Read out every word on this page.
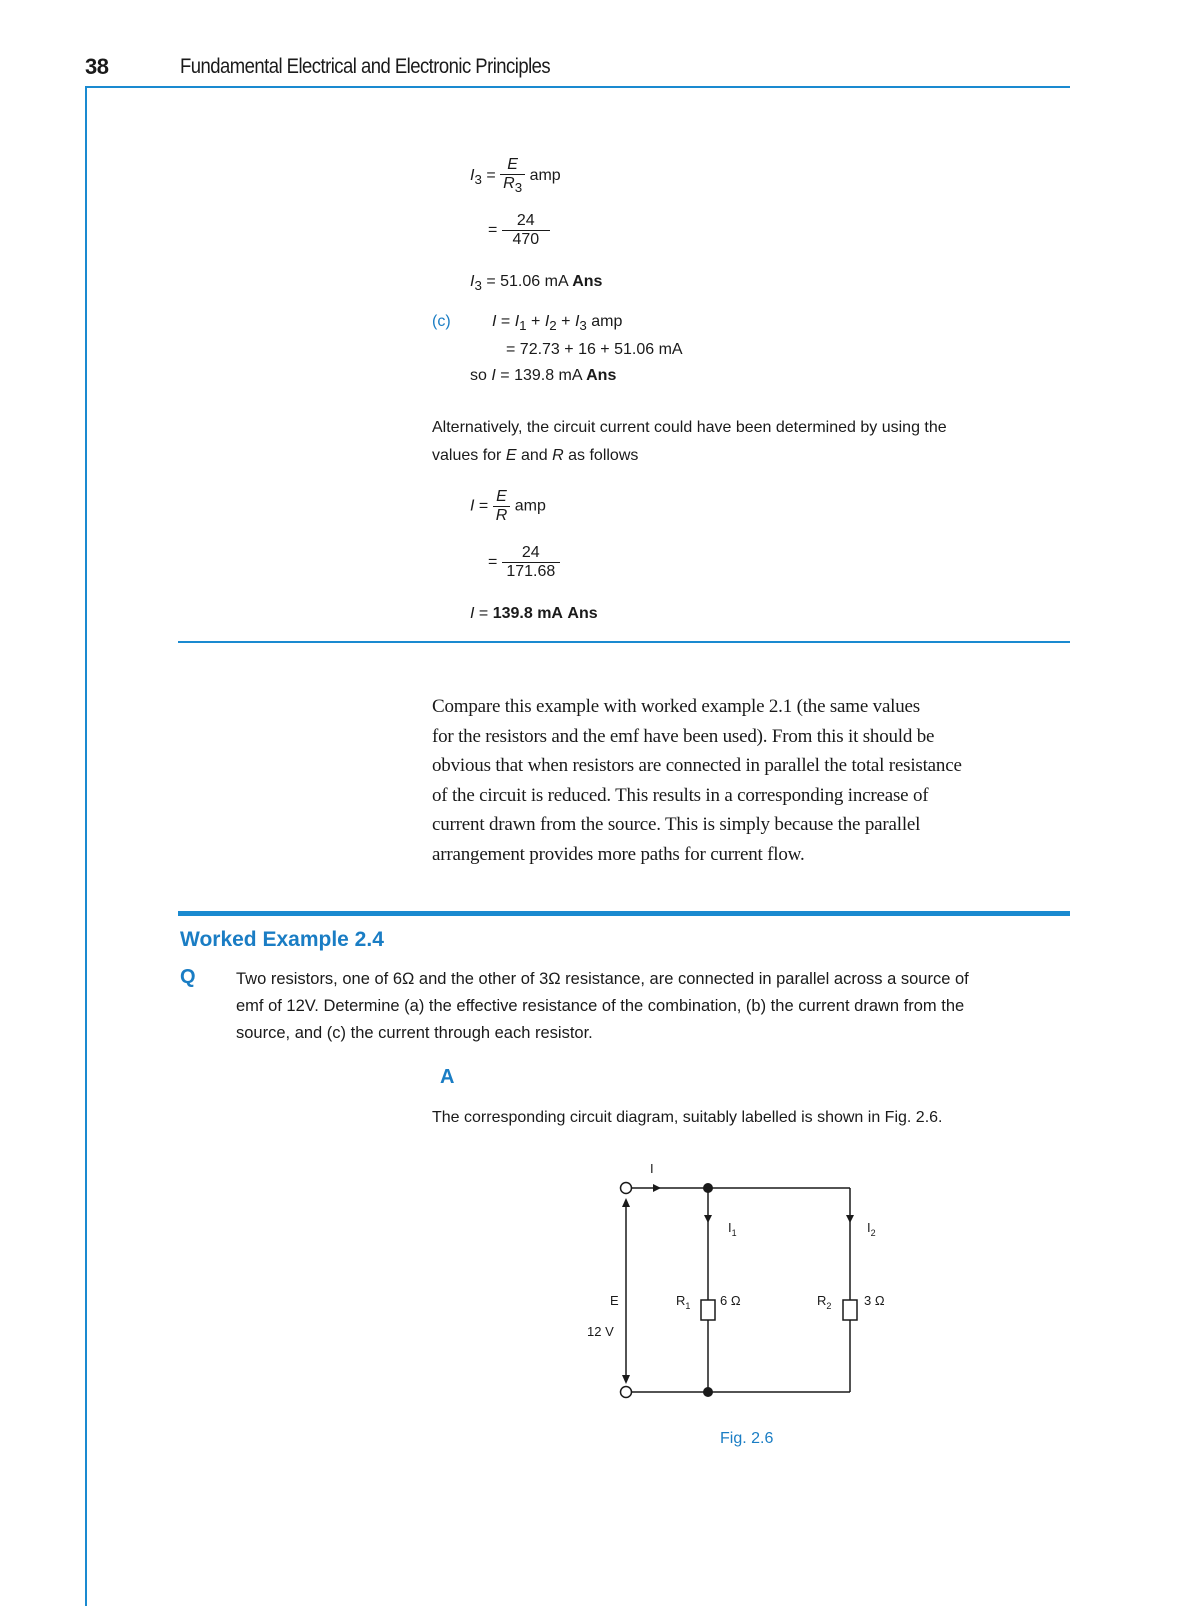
38	Fundamental Electrical and Electronic Principles
$I_3 = \frac{E}{R_3}$ amp
= $\frac{24}{470}$
$I_3 = 51.06$ mA Ans
(c)	$I = I_1 + I_2 + I_3$ amp
= 72.73 + 16 + 51.06 mA
so I = 139.8 mA Ans
Alternatively, the circuit current could have been determined by using the
values for E and R as follows
$I = \frac{E}{R}$ amp
= $\frac{24}{171.68}$
I = 139.8 mA Ans
Compare this example with worked example 2.1 (the same values
for the resistors and the emf have been used). From this it should be
obvious that when resistors are connected in parallel the total resistance
of the circuit is reduced. This results in a corresponding increase of
current drawn from the source. This is simply because the parallel
arrangement provides more paths for current flow.
Worked Example 2.4
Q Two resistors, one of 6Ω and the other of 3Ω resistance, are connected in parallel across a source of
emf of 12V. Determine (a) the effective resistance of the combination, (b) the current drawn from the
source, and (c) the current through each resistor.
A
The corresponding circuit diagram, suitably labelled is shown in Fig. 2.6.
I
$I_1$	$I_2$
E
12 V
$R_1$ 6 Ω	$R_2$	3 Ω
Fig. 2.6
